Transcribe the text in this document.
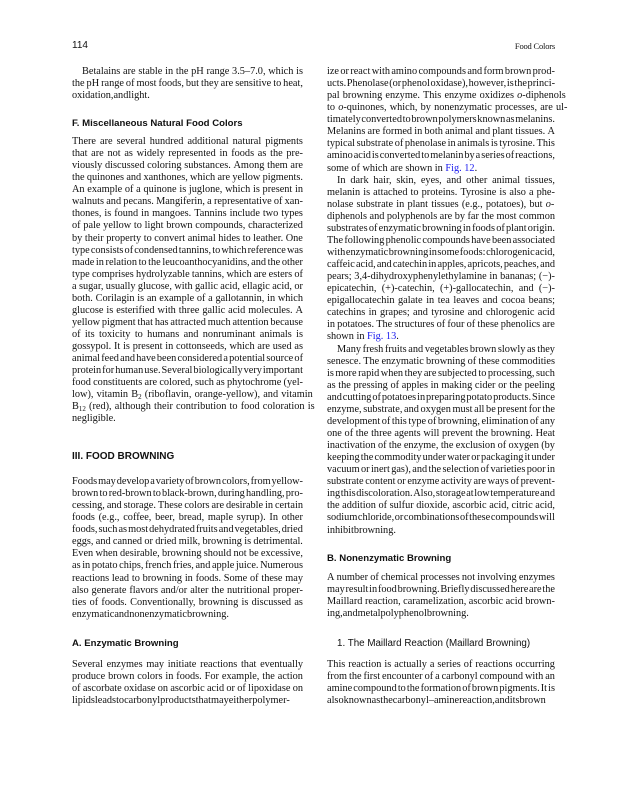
114	Food Colors
Betalains are stable in the pH range 3.5–7.0, which is
the pH range of most foods, but they are sensitive to heat,
oxidation, and light.
F. Miscellaneous Natural Food Colors
There are several hundred additional natural pigments
that are not as widely represented in foods as the pre-
viously discussed coloring substances. Among them are
the quinones and xanthones, which are yellow pigments.
An example of a quinone is juglone, which is present in
walnuts and pecans. Mangiferin, a representative of xan-
thones, is found in mangoes. Tannins include two types
of pale yellow to light brown compounds, characterized
by their property to convert animal hides to leather. One
type consists of condensed tannins, to which reference was
made in relation to the leucoanthocyanidins, and the other
type comprises hydrolyzable tannins, which are esters of
a sugar, usually glucose, with gallic acid, ellagic acid, or
both. Corilagin is an example of a gallotannin, in which
glucose is esterified with three gallic acid molecules. A
yellow pigment that has attracted much attention because
of its toxicity to humans and nonruminant animals is
gossypol. It is present in cottonseeds, which are used as
animal feed and have been considered a potential source of
protein for human use. Several biologically very important
food constituents are colored, such as phytochrome (yel-
low), vitamin $B_2$ (riboflavin, orange-yellow), and vitamin
$B_{12}$ (red), although their contribution to food coloration is
negligible.
III. FOOD BROWNING
Foods may develop a variety of brown colors, from yellow-
brown to red-brown to black-brown, during handling, pro-
cessing, and storage. These colors are desirable in certain
foods (e.g., coffee, beer, bread, maple syrup). In other
foods, such as most dehydrated fruits and vegetables, dried
eggs, and canned or dried milk, browning is detrimental.
Even when desirable, browning should not be excessive,
as in potato chips, french fries, and apple juice. Numerous
reactions lead to browning in foods. Some of these may
also generate flavors and/or alter the nutritional proper-
ties of foods. Conventionally, browning is discussed as
enzymatic and nonenzymatic browning.
A. Enzymatic Browning
Several enzymes may initiate reactions that eventually
produce brown colors in foods. For example, the action
of ascorbate oxidase on ascorbic acid or of lipoxidase on
lipids leads to carbonyl products that may either polymer-
ize or react with amino compounds and form brown prod-
ucts. Phenolase (or phenol oxidase), however, is the princi-
pal browning enzyme. This enzyme oxidizes o-diphenols
to o-quinones, which, by nonenzymatic processes, are ul-
timately converted to brown polymers known as melanins.
Melanins are formed in both animal and plant tissues. A
typical substrate of phenolase in animals is tyrosine. This
amino acid is converted to melanin by a series of reactions,
some of which are shown in Fig. 12.
In dark hair, skin, eyes, and other animal tissues,
melanin is attached to proteins. Tyrosine is also a phe-
nolase substrate in plant tissues (e.g., potatoes), but o-
diphenols and polyphenols are by far the most common
substrates of enzymatic browning in foods of plant origin.
The following phenolic compounds have been associated
with enzymatic browning in some foods: chlorogenic acid,
caffeic acid, and catechin in apples, apricots, peaches, and
pears; 3,4-dihydroxyphenylethylamine in bananas; (−)-
epicatechin, (+)-catechin, (+)-gallocatechin, and (−)-
epigallocatechin galate in tea leaves and cocoa beans;
catechins in grapes; and tyrosine and chlorogenic acid
in potatoes. The structures of four of these phenolics are
shown in Fig. 13.
Many fresh fruits and vegetables brown slowly as they
senesce. The enzymatic browning of these commodities
is more rapid when they are subjected to processing, such
as the pressing of apples in making cider or the peeling
and cutting of potatoes in preparing potato products. Since
enzyme, substrate, and oxygen must all be present for the
development of this type of browning, elimination of any
one of the three agents will prevent the browning. Heat
inactivation of the enzyme, the exclusion of oxygen (by
keeping the commodity under water or packaging it under
vacuum or inert gas), and the selection of varieties poor in
substrate content or enzyme activity are ways of prevent-
ing this discoloration. Also, storage at low temperature and
the addition of sulfur dioxide, ascorbic acid, citric acid,
sodium chloride, or combinations of these compounds will
inhibit browning.
B. Nonenzymatic Browning
A number of chemical processes not involving enzymes
may result in food browning. Briefly discussed here are the
Maillard reaction, caramelization, ascorbic acid brown-
ing, and metalpolyphenol browning.
1. The Maillard Reaction (Maillard Browning)
This reaction is actually a series of reactions occurring
from the first encounter of a carbonyl compound with an
amine compound to the formation of brown pigments. It is
also known as the carbonyl–amine reaction, and its brown
